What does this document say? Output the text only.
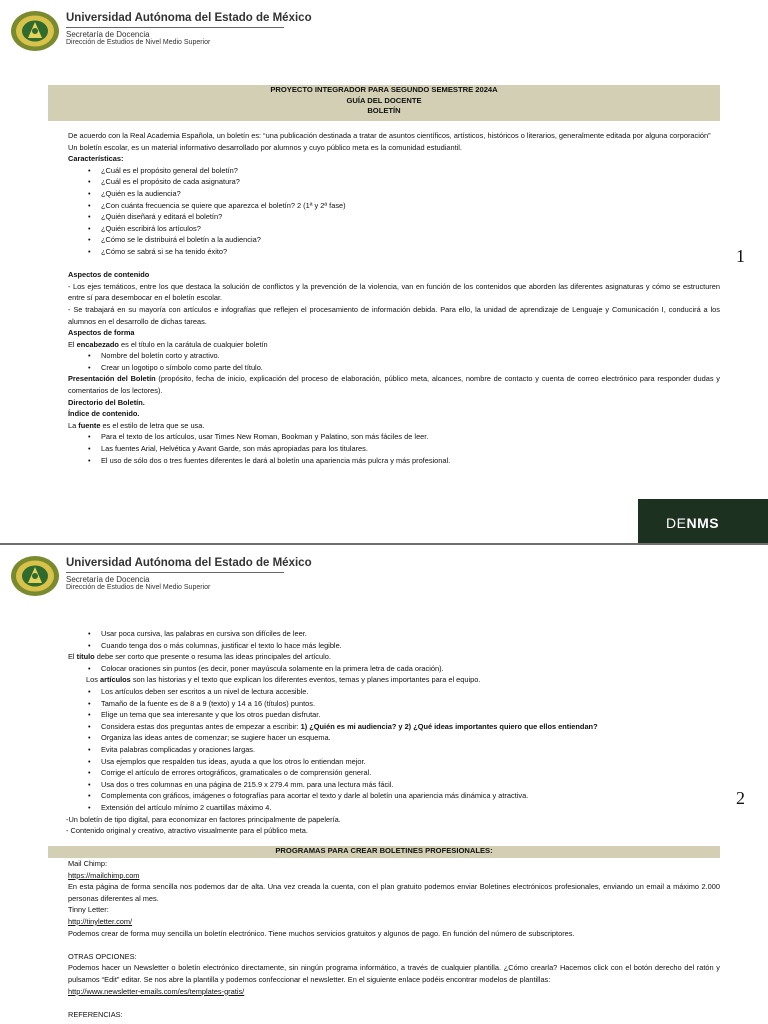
Universidad Autónoma del Estado de México
Secretaría de Docencia
Dirección de Estudios de Nivel Medio Superior
PROYECTO INTEGRADOR PARA SEGUNDO SEMESTRE 2024A
GUÍA DEL DOCENTE
BOLETÍN

De acuerdo con la Real Academia Española, un boletín es: “una publicación destinada a tratar de asuntos científicos, artísticos, históricos o literarios, generalmente editada por alguna corporación”

Un boletín escolar, es un material informativo desarrollado por alumnos y cuyo público meta es la comunidad estudiantil.

Características:

• ¿Cuál es el propósito general del boletín?
• ¿Cuál es el propósito de cada asignatura?
• ¿Quién es la audiencia?
• ¿Con cuánta frecuencia se quiere que aparezca el boletín? 2 (1ª y 2ª fase)
• ¿Quién diseñará y editará el boletín?
• ¿Quién escribirá los artículos?
• ¿Cómo se le distribuirá el boletín a la audiencia?
• ¿Cómo se sabrá si se ha tenido éxito?

Aspectos de contenido

- Los ejes temáticos, entre los que destaca la solución de conflictos y la prevención de la violencia, van en función de los contenidos que aborden las diferentes asignaturas y cómo se estructuren entre sí para desembocar en el boletín escolar.

- Se trabajará en su mayoría con artículos e infografías que reflejen el procesamiento de información debida. Para ello, la unidad de aprendizaje de Lenguaje y Comunicación I, conducirá a los alumnos en el desarrollo de dichas tareas.

Aspectos de forma

El encabezado es el título en la carátula de cualquier boletín

• Nombre del boletín corto y atractivo.
• Crear un logotipo o símbolo como parte del título.

Presentación del Boletín (propósito, fecha de inicio, explicación del proceso de elaboración, público meta, alcances, nombre de contacto y cuenta de correo electrónico para responder dudas y comentarios de los lectores).

Directorio del Boletín.

Índice de contenido.

La fuente es el estilo de letra que se usa.

• Para el texto de los artículos, usar Times New Roman, Bookman y Palatino, son más fáciles de leer.
• Las fuentes Arial, Helvética y Avant Garde, son más apropiadas para los titulares.
• El uso de sólo dos o tres fuentes diferentes le dará al boletín una apariencia más pulcra y más profesional.
1
DENMS
Universidad Autónoma del Estado de México
Secretaría de Docencia
Dirección de Estudios de Nivel Medio Superior
• Usar poca cursiva, las palabras en cursiva son difíciles de leer.
• Cuando tenga dos o más columnas, justificar el texto lo hace más legible.

El título debe ser corto que presente o resuma las ideas principales del artículo.

• Colocar oraciones sin puntos (es decir, poner mayúscula solamente en la primera letra de cada oración).

Los artículos son las historias y el texto que explican los diferentes eventos, temas y planes importantes para el equipo.

• Los artículos deben ser escritos a un nivel de lectura accesible.
• Tamaño de la fuente es de 8 a 9 (texto) y 14 a 16 (títulos) puntos.
• Elige un tema que sea interesante y que los otros puedan disfrutar.
• Considera estas dos preguntas antes de empezar a escribir: 1) ¿Quién es mi audiencia? y 2) ¿Qué ideas importantes quiero que ellos entiendan?
• Organiza las ideas antes de comenzar; se sugiere hacer un esquema.
• Evita palabras complicadas y oraciones largas.
• Usa ejemplos que respalden tus ideas, ayuda a que los otros lo entiendan mejor.
• Corrige el artículo de errores ortográficos, gramaticales o de comprensión general.
• Usa dos o tres columnas en una página de 215.9 x 279.4 mm. para una lectura más fácil.
• Complementa con gráficos, imágenes o fotografías para acortar el texto y darle al boletín una apariencia más dinámica y atractiva.
• Extensión del artículo mínimo 2 cuartillas máximo 4.

-Un boletín de tipo digital, para economizar en factores principalmente de papelería.

- Contenido original y creativo, atractivo visualmente para el público meta.

PROGRAMAS PARA CREAR BOLETINES PROFESIONALES:

Mail Chimp:

https://mailchimp.com

En esta página de forma sencilla nos podemos dar de alta. Una vez creada la cuenta, con el plan gratuito podemos enviar Boletines electrónicos profesionales, enviando un email a máximo 2.000 personas diferentes al mes.

Tinny Letter:

http://tinyletter.com/

Podemos crear de forma muy sencilla un boletín electrónico. Tiene muchos servicios gratuitos y algunos de pago. En función del número de subscriptores.

OTRAS OPCIONES:

Podemos hacer un Newsletter o boletín electrónico directamente, sin ningún programa informático, a través de cualquier plantilla. ¿Cómo crearla? Hacemos click con el botón derecho del ratón y pulsamos “Edit” editar. Se nos abre la plantilla y podemos confeccionar el newsletter. En el siguiente enlace podéis encontrar modelos de plantillas:

http://www.newsletter-emails.com/es/templates-gratis/

REFERENCIAS:

2
